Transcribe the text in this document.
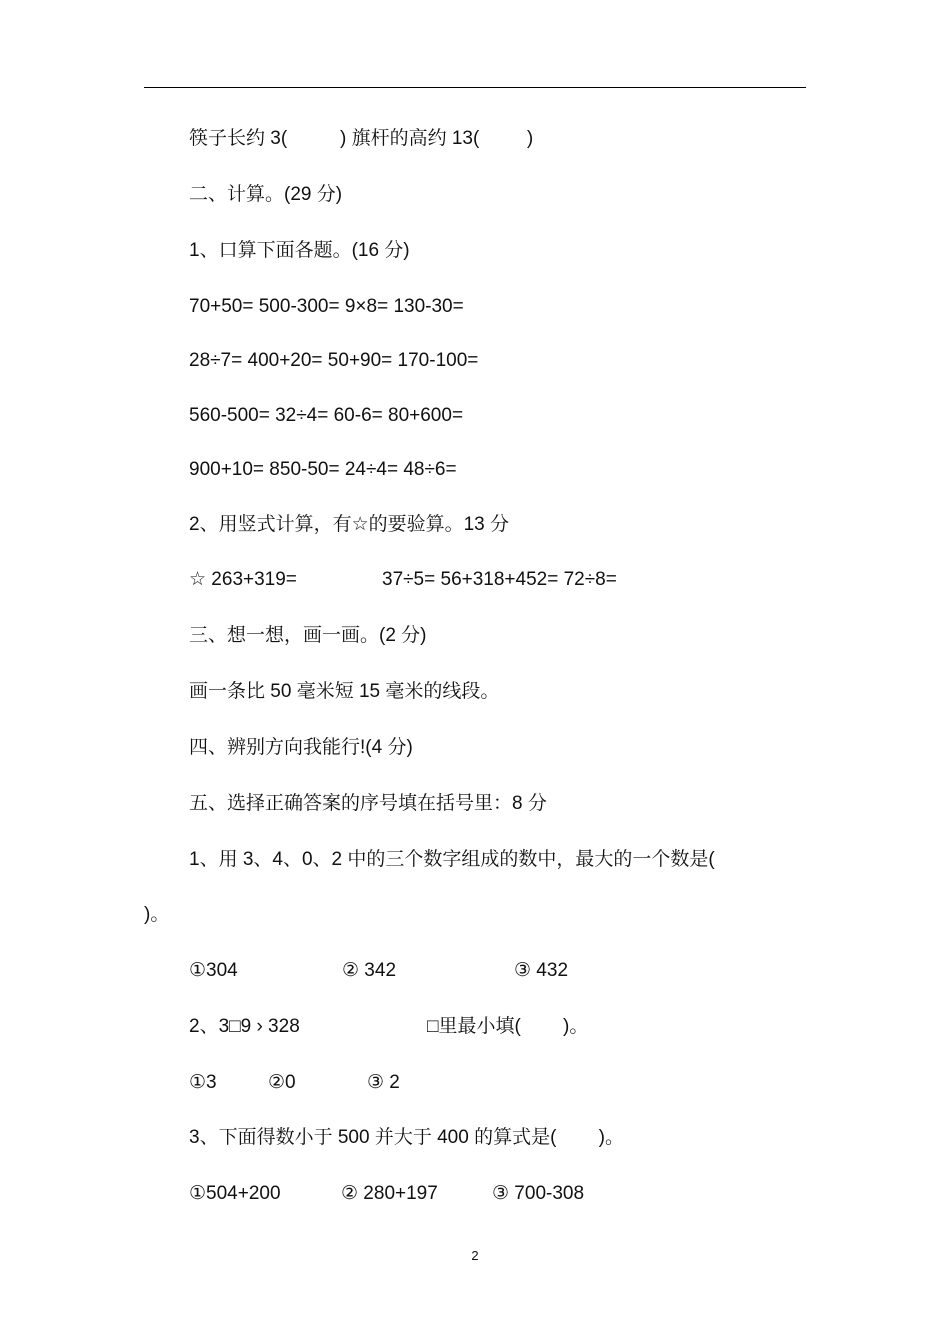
筷子长约 3(          ) 旗杆的高约 13(         )
二、计算。(29 分)
1、口算下面各题。(16 分)
70+50= 500-300= 9×8= 130-30=
28÷7= 400+20= 50+90= 170-100=
560-500= 32÷4= 60-6= 80+600=
900+10= 850-50= 24÷4= 48÷6=
2、用竖式计算，有☆的要验算。13 分
☆ 263+319=	37÷5= 56+318+452= 72÷8=
三、想一想，画一画。(2 分)
画一条比 50 毫米短 15 毫米的线段。
四、辨别方向我能行!(4 分)
五、选择正确答案的序号填在括号里：8 分
1、用 3、4、0、2 中的三个数字组成的数中，最大的一个数是(
)。
①304	② 342	③ 432
2、3□9 › 328	□里最小填(        )。
①3	②0	③ 2
3、下面得数小于 500 并大于 400 的算式是(        )。
①504+200	② 280+197	③ 700-308
2
